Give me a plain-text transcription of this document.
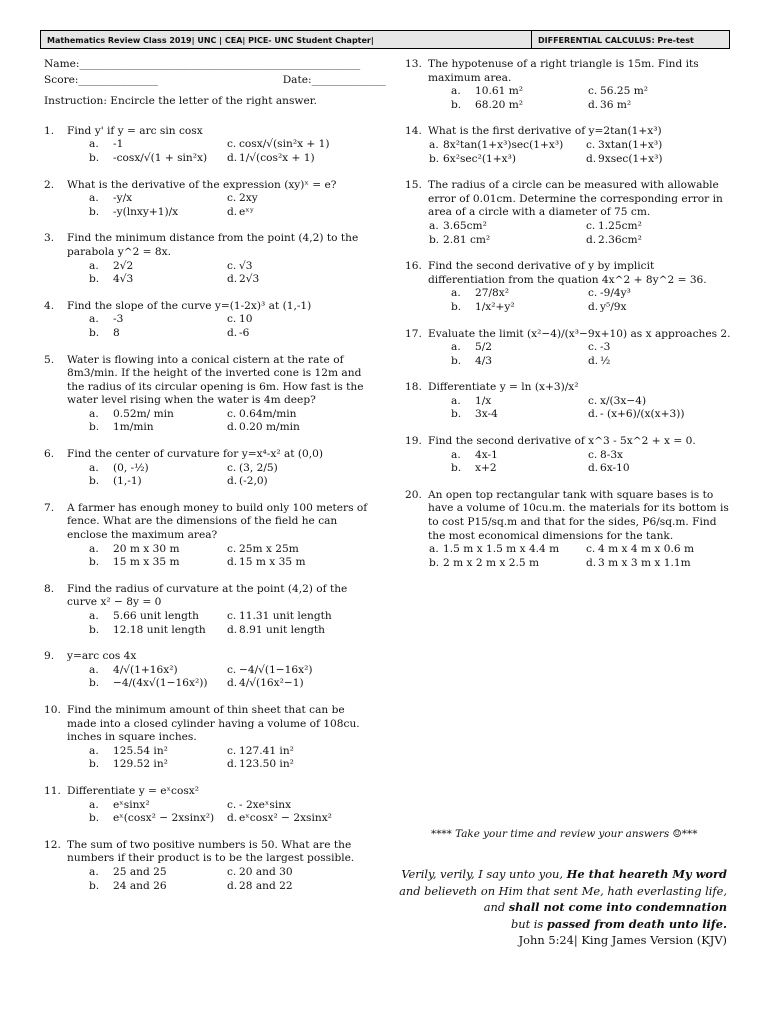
Mathematics Review Class 2019| UNC | CEA| PICE- UNC Student Chapter|	DIFFERENTIAL CALCULUS: Pre-test
Name:_____________________________________________________
Score:_______________	Date:______________
Instruction: Encircle the letter of the right answer.
1. Find y' if y = arc sin cosx
a. -1	c. cosx/√(sin²x + 1)
b. -cosx/√(1 + sin²x)	d. 1/√(cos²x + 1)
2. What is the derivative of the expression (xy)ˣ = e?
a. -y/x	c. 2xy
b. -y(lnxy+1)/x	d. eˣʸ
3. Find the minimum distance from the point (4,2) to the
parabola y^2 = 8x.
a. 2√2	c. √3
b. 4√3	d. 2√3
4. Find the slope of the curve y=(1-2x)³ at (1,-1)
a. -3	c. 10
b. 8	d. -6
5. Water is flowing into a conical cistern at the rate of
8m3/min. If the height of the inverted cone is 12m and
the radius of its circular opening is 6m. How fast is the
water level rising when the water is 4m deep?
a. 0.52m/ min	c. 0.64m/min
b. 1m/min	d. 0.20 m/min
6. Find the center of curvature for y=x⁴-x² at (0,0)
a. (0, -½)	c. (3, 2/5)
b. (1,-1)	d. (-2,0)
7. A farmer has enough money to build only 100 meters of
fence. What are the dimensions of the field he can
enclose the maximum area?
a. 20 m x 30 m	c. 25m x 25m
b. 15 m x 35 m	d. 15 m x 35 m
8. Find the radius of curvature at the point (4,2) of the
curve x² − 8y = 0
a. 5.66 unit length	c. 11.31 unit length
b. 12.18 unit length	d. 8.91 unit length
9. y=arc cos 4x
a. 4/√(1+16x²)	c. −4/√(1−16x²)
b. −4/(4x√(1−16x²))	d. 4/√(16x²−1)
10. Find the minimum amount of thin sheet that can be
made into a closed cylinder having a volume of 108cu.
inches in square inches.
a. 125.54 in²	c. 127.41 in²
b. 129.52 in²	d. 123.50 in²
11. Differentiate y = eˣcosx²
a. eˣsinx²	c. - 2xeˣsinx
b. eˣ(cosx² − 2xsinx²)	d. eˣcosx² − 2xsinx²
12. The sum of two positive numbers is 50. What are the
numbers if their product is to be the largest possible.
a. 25 and 25	c. 20 and 30
b. 24 and 26	d. 28 and 22
13. The hypotenuse of a right triangle is 15m. Find its
maximum area.
a. 10.61 m²	c. 56.25 m²
b. 68.20 m²	d. 36 m²
14. What is the first derivative of y=2tan(1+x³)
a. 8x²tan(1+x³)sec(1+x³)	c. 3xtan(1+x³)
b. 6x²sec²(1+x³)	d. 9xsec(1+x³)
15. The radius of a circle can be measured with allowable
error of 0.01cm. Determine the corresponding error in
area of a circle with a diameter of 75 cm.
a. 3.65cm²	c. 1.25cm²
b. 2.81 cm²	d. 2.36cm²
16. Find the second derivative of y by implicit
differentiation from the quation 4x^2 + 8y^2 = 36.
a. 27/8x²	c. -9/4y³
b. 1/x²+y²	d. y⁵/9x
17. Evaluate the limit (x²−4)/(x³−9x+10) as x approaches 2.
a. 5/2	c. -3
b. 4/3	d. ½
18. Differentiate y = ln (x+3)/x²
a. 1/x	c. x/(3x−4)
b. 3x-4	d. - (x+6)/(x(x+3))
19. Find the second derivative of x^3 - 5x^2 + x = 0.
a. 4x-1	c. 8-3x
b. x+2	d. 6x-10
20. An open top rectangular tank with square bases is to
have a volume of 10cu.m. the materials for its bottom is
to cost P15/sq.m and that for the sides, P6/sq.m. Find
the most economical dimensions for the tank.
a. 1.5 m x 1.5 m x 4.4 m	c. 4 m x 4 m x 0.6 m
b. 2 m x 2 m x 2.5 m	d. 3 m x 3 m x 1.1m
**** Take your time and review your answers ☺***
Verily, verily, I say unto you, He that heareth My word
and believeth on Him that sent Me, hath everlasting life,
and shall not come into condemnation
but is passed from death unto life.
John 5:24| King James Version (KJV)
